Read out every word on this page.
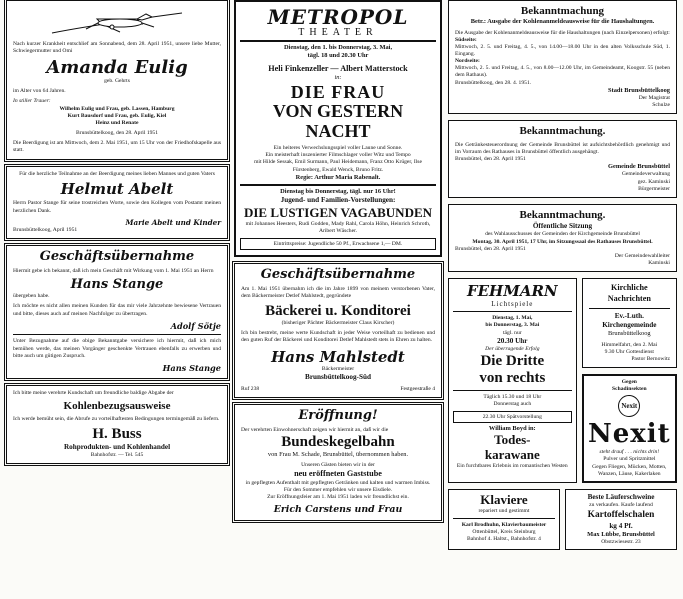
Nach kurzer Krankheit entschlief am Sonnabend, dem 28. April 1951, unsere liebe Mutter, Schwiegermutter und Omi
Amanda Eulig
geb. Gehrts
im Alter von 64 Jahren.
In stiller Trauer:
Wilhelm Eulig und Frau, geb. Lassen, Hamburg
Kurt Bausdorf und Frau, geb. Eulig, Kiel
Heinz und Renate
Brunsbüttelkoog, den 28. April 1951
Die Beerdigung ist am Mittwoch, dem 2. Mai 1951, um 15 Uhr von der Friedhofskapelle aus statt.
Für die herzliche Teilnahme an der Beerdigung meines lieben Mannes und guten Vaters
Helmut Abelt
Herrn Pastor Stange für seine trostreichen Worte, sowie den Kollegen vom Postamt meinen herzlichen Dank.
Marie Abelt und Kinder
Brunsbüttelkoog, April 1951
Geschäftsübernahme
Hiermit gebe ich bekannt, daß ich mein Geschäft mit Wirkung vom 1. Mai 1951 an Herrn
Hans Stange
übergeben habe.
Ich möchte es nicht allen meinen Kunden für das mir viele Jahrzehnte bewiesene Vertrauen und bitte, dieses auch auf meinen Nachfolger zu übertragen.
Adolf Sötje
Unter Bezugnahme auf die obige Bekanntgabe versichere ich hiermit, daß ich mich bemühen werde, das meinen Vorgänger geschenkte Vertrauen ebenfalls zu erwerben und bitte auch um gütigen Zuspruch.
Hans Stange
Ich bitte meine verehrte Kundschaft um freundliche baldige Abgabe der
Kohlenbezugsausweise
Ich werde bemüht sein, die Abrufe zu vorteilhaftesten Bedingungen termingemäß zu liefern.
H. Buss
Rohprodukten- und Kohlenhandel
Bahnhofstr. — Tel. 545
METROPOL
THEATER
Dienstag, den 1. bis Donnerstag, 3. Mai,
tägl. 18 und 20.30 Uhr
Heli Finkenzeller — Albert Matterstock
in:
DIE FRAU
VON GESTERN NACHT
Ein heiteres Verwechslungsspiel voller Laune und Sonne.
Ein meisterhaft inszenierter Filmschlager voller Witz und Tempo
mit Hilde Sessak, Emil Surmann, Paul Heidemann, Franz Otto Krüger, Ilse Fürstenberg, Ewald Wenck, Bruno Fritz.
Regie: Arthur Maria Rabenalt.
Dienstag bis Donnerstag, tägl. nur 16 Uhr!
Jugend- und Familien-Vorstellungen:
DIE LUSTIGEN VAGABUNDEN
mit Johannes Heesters, Rudi Godden, Mady Rahl, Carola Höhn, Heinrich Schroth, Aribert Wäscher.
Eintrittspreise: Jugendliche 50 Pf., Erwachsene 1,— DM.
Geschäftsübernahme
Am 1. Mai 1951 übernahm ich die im Jahre 1899 von meinem verstorbenen Vater, dem Bäckermeister Detlef Mahlstedt, gegründete
Bäckerei u. Konditorei
(bisheriger Pächter Bäckermeister Claus Kirscher)
Ich bin bestrebt, meine werte Kundschaft in jeder Weise vorteilhaft zu bedienen und den guten Ruf der Bäckerei und Konditorei Detlef Mahlstedt stets in Ehren zu halten.
Hans Mahlstedt
Bäckermeister
Brunsbüttelkoog-Süd
Ruf 238	Festgeestraße 4
Eröffnung!
Der verehrten Einwohnerschaft zeigen wir hiermit an, daß wir die
Bundeskegelbahn
von Frau M. Schade, Brunsbüttel, übernommen haben.
Unseren Gästen bieten wir in der
neu eröffneten Gaststube
in gepflegten Aufenthalt mit gepflegten Getränken und kalten und warmen Imbiss.
Für den Sommer empfehlen wir unsere Eisdiele.
Zur Eröffnungsfeier am 1. Mai 1951 laden wir freundlichst ein.
Erich Carstens und Frau
Bekanntmachung
Betr.: Ausgabe der Kohlenanmeldeausweise für die Haushaltungen.
Die Ausgabe der Kohlenanmeldeausweise für die Haushaltungen (nach Einzelpersonen) erfolgt:
Südseite:
Mittwoch, 2. 5. und Freitag, 4. 5., von 14.00—18.00 Uhr in den alten Volksschule Süd, 1. Eingang.
Nordseite:
Mittwoch, 2. 5. und Freitag, 4. 5., von 8.00—12.00 Uhr, im Gemeindeamt, Koogstr. 55 (neben dem Rathaus).
Brunsbüttelkoog, den 28. 4. 1951.
Stadt Brunsbüttelkoog
Der Magistrat
Schulze
Bekanntmachung.
Die Getränkesteuerordnung der Gemeinde Brunsbüttel ist aufsichtsbehördlich genehmigt und im Vorraum des Rathauses in Brunsbüttel öffentlich ausgehängt.
Brunsbüttel, den 28. April 1951
Gemeinde Brunsbüttel
Gemeindeverwaltung
gez. Kaminski
Bürgermeister
Bekanntmachung.
Öffentliche Sitzung
des Wahlausschusses der Gemeinden der Kirchgemeinde Brunsbüttel
Montag, 30. April 1951, 17 Uhr, im Sitzungssaal des Rathauses Brunsbüttel.
Brunsbüttel, den 28. April 1951
Der Gemeindewahlleiter
Kaminski
FEHMARN
Lichtspiele
Dienstag, 1. Mai,
bis Donnerstag, 3. Mai
tägl. nur
20.30 Uhr
Der überragende Erfolg
Die Dritte
von rechts
Täglich 15.30 und 18 Uhr
Donnerstag auch
22.30 Uhr Spätvorstellung
William Boyd in:
Todes-
karawane
Ein furchtbares Erlebnis im romantischen Westen
Kirchliche Nachrichten
Ev.-Luth.
Kirchengemeinde
Brunsbüttelkoog
Himmelfahrt, den 2. Mai
9.30 Uhr Gottesdienst
Pastor Bernowitz
Gegen
Schadinsekten
Nexit
Nexit
steht drauf . . . nichts drin!
Pulver und Spritzmittel
Gegen Fliegen, Mücken, Motten,
Wanzen, Läuse, Kakerlaken
Klaviere
repariert und gestimmt
Karl Brodhuhn, Klavierbaumeister
Ottenbüttel, Kreis Steinburg
Bahnhof 4. Haltst., Bahnhofstr. 4
Beste Läuferschweine
zu verkaufen. Kaufe laufend
Kartoffelschalen
kg 4 Pf.
Max Lübbe, Brunsbüttel
Obstzwiesestr. 23
